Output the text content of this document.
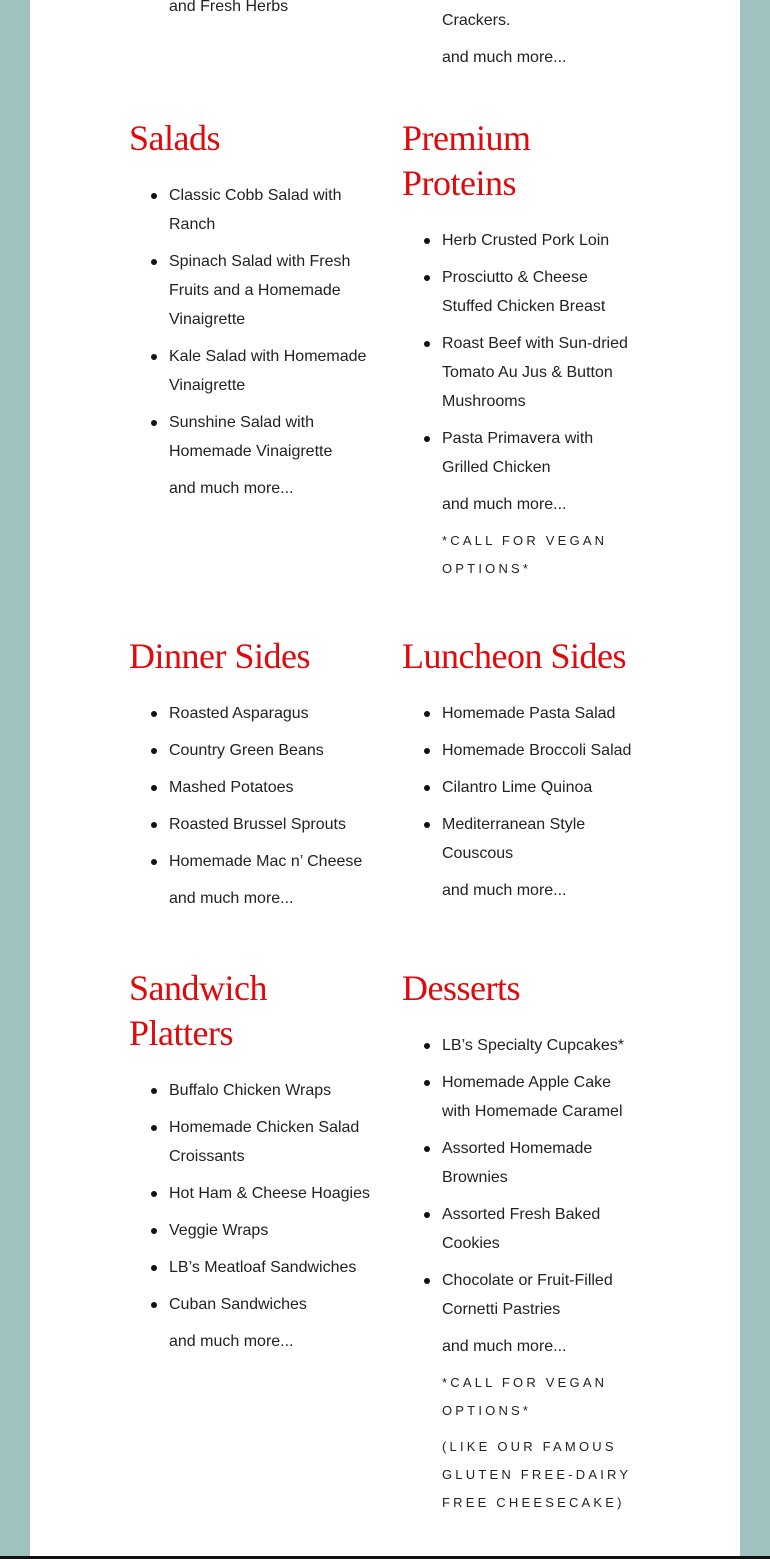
and Fresh Herbs
Crackers.
and much more...
Salads
Classic Cobb Salad with Ranch
Spinach Salad with Fresh Fruits and a Homemade Vinaigrette
Kale Salad with Homemade Vinaigrette
Sunshine Salad with Homemade Vinaigrette
and much more...
Premium Proteins
Herb Crusted Pork Loin
Prosciutto & Cheese Stuffed Chicken Breast
Roast Beef with Sun-dried Tomato Au Jus & Button Mushrooms
Pasta Primavera with Grilled Chicken
and much more...
*CALL FOR VEGAN OPTIONS*
Dinner Sides
Roasted Asparagus
Country Green Beans
Mashed Potatoes
Roasted Brussel Sprouts
Homemade Mac n’ Cheese
and much more...
Luncheon Sides
Homemade Pasta Salad
Homemade Broccoli Salad
Cilantro Lime Quinoa
Mediterranean Style Couscous
and much more...
Sandwich Platters
Buffalo Chicken Wraps
Homemade Chicken Salad Croissants
Hot Ham & Cheese Hoagies
Veggie Wraps
LB’s Meatloaf Sandwiches
Cuban Sandwiches
and much more...
Desserts
LB’s Specialty Cupcakes*
Homemade Apple Cake with Homemade Caramel
Assorted Homemade Brownies
Assorted Fresh Baked Cookies
Chocolate or Fruit-Filled Cornetti Pastries
and much more...
*CALL FOR VEGAN OPTIONS*
(LIKE OUR FAMOUS GLUTEN FREE-DAIRY FREE CHEESECAKE)
